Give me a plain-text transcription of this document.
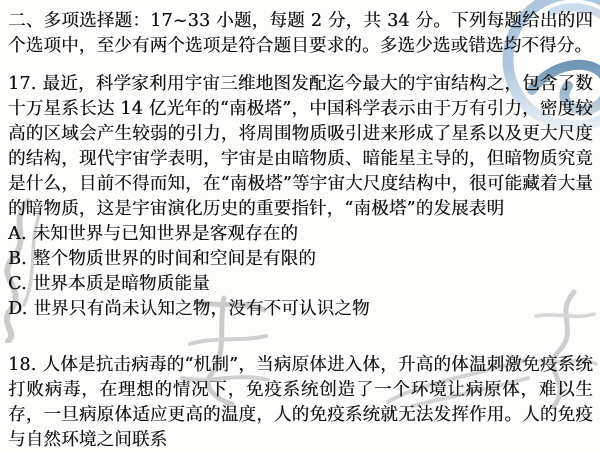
二、多项选择题：17~33 小题，每题 2 分，共 34 分。下列每题给出的四个选项中，至少有两个选项是符合题目要求的。多选少选或错选均不得分。

17. 最近，科学家利用宇宙三维地图发配迄今最大的宇宙结构之，包含了数十万星系长达 14 亿光年的“南极塔”，中国科学表示由于万有引力，密度较高的区域会产生较弱的引力，将周围物质吸引进来形成了星系以及更大尺度的结构，现代宇宙学表明，宇宙是由暗物质、暗能星主导的，但暗物质究竟是什么，目前不得而知，在“南极塔”等宇宙大尺度结构中，很可能藏着大量的暗物质，这是宇宙演化历史的重要指针，“南极塔”的发展表明

A. 未知世界与已知世界是客观存在的
B. 整个物质世界的时间和空间是有限的
C. 世界本质是暗物质能量
D. 世界只有尚未认知之物，没有不可认识之物

18. 人体是抗击病毒的“机制”，当病原体进入体，升高的体温刺激免疫系统打败病毒，在理想的情况下，免疫系统创造了一个环境让病原体，难以生存，一旦病原体适应更高的温度，人的免疫系统就无法发挥作用。人的免疫与自然环境之间联系
